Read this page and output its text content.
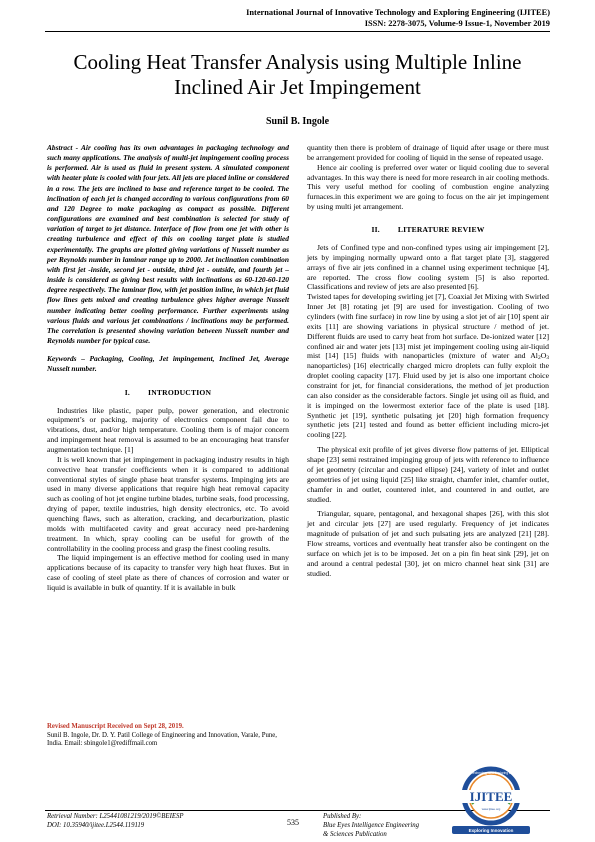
International Journal of Innovative Technology and Exploring Engineering (IJITEE)
ISSN: 2278-3075, Volume-9 Issue-1, November 2019
Cooling Heat Transfer Analysis using Multiple Inline Inclined Air Jet Impingement
Sunil B. Ingole

Abstract - Air cooling has its own advantages in packaging technology and such many applications. The analysis of multi-jet impingement cooling process is performed. Air is used as fluid in present system. A simulated component with heater plate is cooled with four jets. All jets are placed inline or considered in a row. The jets are inclined to base and reference target to be cooled. The inclination of each jet is changed according to various configurations from 60 and 120 Degree to make packaging as compact as possible. Different configurations are examined and best combination is selected for study of variation of target to jet distance. Interface of flow from one jet with other is creating turbulence and effect of this on cooling target plate is studied experimentally. The graphs are plotted giving variations of Nusselt number as per Reynolds number in laminar range up to 2000. Jet inclination combination with first jet -inside, second jet - outside, third jet - outside, and fourth jet – inside is considered as giving best results with inclinations as 60-120-60-120 degree respectively. The laminar flow, with jet position inline, in which jet fluid flow lines gets mixed and creating turbulence gives higher average Nusselt number indicating better cooling performance. Further experiments using various fluids and various jet combinations / inclinations may be performed. The correlation is presented showing variation between Nusselt number and Reynolds number for typical case.

Keywords – Packaging, Cooling, Jet impingement, Inclined Jet, Average Nusselt number.

I. INTRODUCTION

Industries like plastic, paper pulp, power generation, and electronic equipment’s or packing, majority of electronics component fail due to vibrations, dust, and/or high temperature. Cooling them is of major concern and impingement heat removal is assumed to be an encouraging heat transfer augmentation technique. [1]

It is well known that jet impingement in packaging industry results in high convective heat transfer coefficients when it is compared to additional conventional styles of single phase heat transfer systems. Impinging jets are used in many diverse applications that require high heat removal capacity such as cooling of hot jet engine turbine blades, turbine seals, food processing, drying of paper, textile industries, high density electronics, etc. To avoid quenching flaws, such as alteration, cracking, and decarburization, plastic molds with multifaceted cavity and great accuracy need pre-hardening treatment. In which, spray cooling can be useful for growth of the controllability in the cooling process and grasp the finest cooling results.

The liquid impingement is an effective method for cooling used in many applications because of its capacity to transfer very high heat fluxes. But in case of cooling of steel plate as there of chances of corrosion and water or liquid is available in bulk of quantity. If it is available in bulk

quantity then there is problem of drainage of liquid after usage or there must be arrangement provided for cooling of liquid in the sense of repeated usage.

Hence air cooling is preferred over water or liquid cooling due to several advantages. In this way there is need for more research in air cooling methods. This very useful method for cooling of combustion engine analyzing furnaces.in this experiment we are going to focus on the air jet impingement by using multi jet arrangement.

II. LITERATURE REVIEW

Jets of Confined type and non-confined types using air impingement [2], jets by impinging normally upward onto a flat target plate [3], staggered arrays of five air jets confined in a channel using experiment technique [4], are reported. The cross flow cooling system [5] is also reported. Classifications and review of jets are also presented [6].

Twisted tapes for developing swirling jet [7], Coaxial Jet Mixing with Swirled Inner Jet [8] rotating jet [9] are used for investigation. Cooling of two cylinders (with fine surface) in row line by using a slot jet of air [10] spent air exits [11] are showing variations in physical structure / method of jet. Different fluids are used to carry heat from hot surface. De-ionized water [12] confined air and water jets [13] mist jet impingement cooling using air-liquid mist [14] [15] fluids with nanoparticles (mixture of water and $Al_2O_3$ nanoparticles) [16] electrically charged micro droplets can fully exploit the droplet cooling capacity [17]. Fluid used by jet is also one important choice constraint for jet, for financial considerations, the method of jet production can also consider as the considerable factors. Single jet using oil as fluid, and it is impinged on the lowermost exterior face of the plate is used [18]. Synthetic jet [19], synthetic pulsating jet [20] high formation frequency synthetic jets [21] tested and found as better efficient including micro-jet cooling [22].

The physical exit profile of jet gives diverse flow patterns of jet. Elliptical shape [23] semi restrained impinging group of jets with reference to influence of jet geometry (circular and cusped ellipse) [24], variety of inlet and outlet geometries of jet using liquid [25] like straight, chamfer inlet, chamfer outlet, chamfer in and outlet, countered inlet, and countered in and outlet, are studied.

Triangular, square, pentagonal, and hexagonal shapes [26], with this slot jet and circular jets [27] are used regularly. Frequency of jet indicates magnitude of pulsation of jet and such pulsating jets are analyzed [21] [28]. Flow streams, vortices and eventually heat transfer also be contingent on the surface on which jet is to be imposed. Jet on a pin fin heat sink [29], jet on and around a central pedestal [30], jet on micro channel heat sink [31] are studied.

Revised Manuscript Received on Sept 28, 2019.
Sunil B. Ingole, Dr. D. Y. Patil College of Engineering and Innovation, Varale, Pune, India. Email: sbingole1@rediffmail.com
Retrieval Number: L25441081219/2019©BEIESP
DOI: 10.35940/ijitee.L2544.119119	535
Published By:
Blue Eyes Intelligence Engineering
& Sciences Publication
IJITEE
www.ijitee.org
Innovative Technology and Exploring Engineering
Exploring Innovation
